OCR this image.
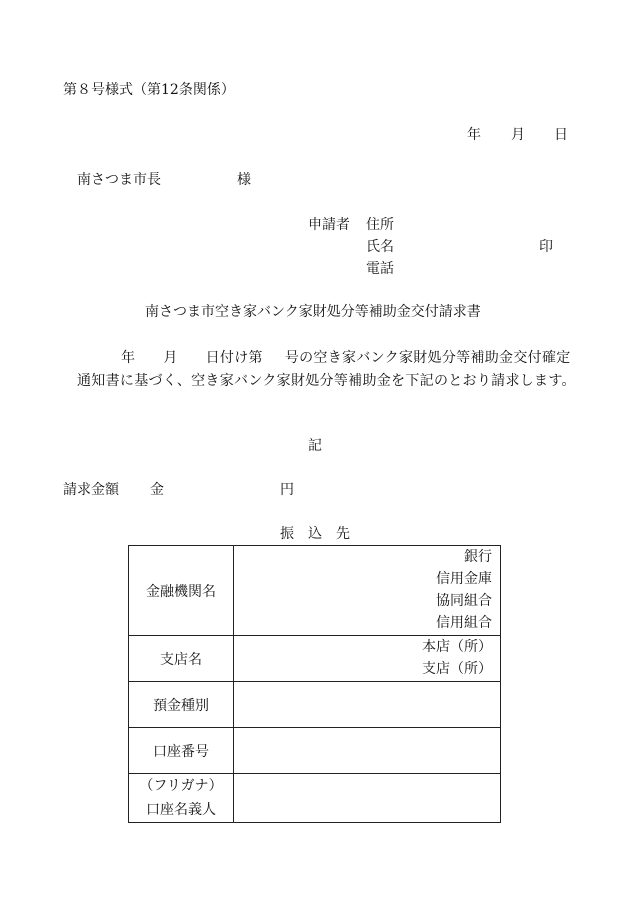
第８号様式（第12条関係）
年 月 日
南さつま市長	様
申請者 住所
氏名	印
電話
南さつま市空き家バンク家財処分等補助金交付請求書
年 月 日付け第 号の空き家バンク家財処分等補助金交付確定通知書に基づく、空き家バンク家財処分等補助金を下記のとおり請求します。
記
請求金額 金	円
振　込　先
金融機関名	銀行
信用金庫
協同組合
信用組合

支店名	本店（所）
支店（所）

預金種別	
口座番号	

（フリガナ）
口座名義人	
